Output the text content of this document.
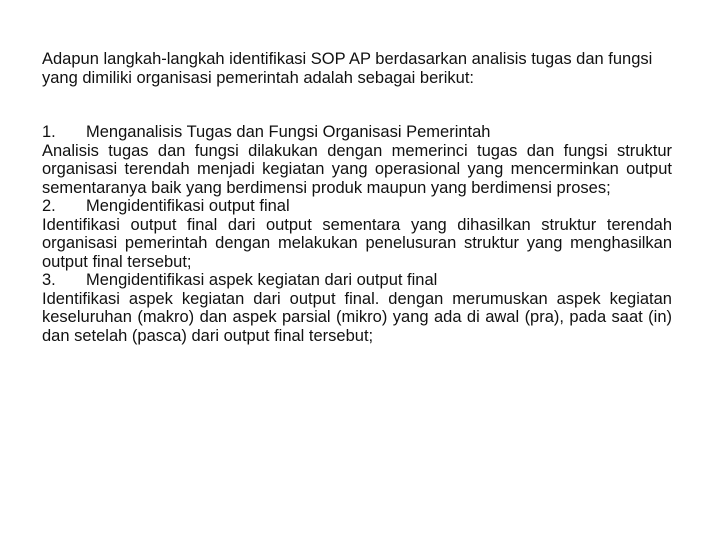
Adapun langkah-langkah identifikasi SOP AP berdasarkan analisis tugas dan fungsi yang dimiliki organisasi pemerintah adalah sebagai berikut:

1. Menganalisis Tugas dan Fungsi Organisasi Pemerintah

Analisis tugas dan fungsi dilakukan dengan memerinci tugas dan fungsi struktur organisasi terendah menjadi kegiatan yang operasional yang mencerminkan output sementaranya baik yang berdimensi produk maupun yang berdimensi proses;

2. Mengidentifikasi output final

Identifikasi output final dari output sementara yang dihasilkan struktur terendah organisasi pemerintah dengan melakukan penelusuran struktur yang menghasilkan output final tersebut;

3. Mengidentifikasi aspek kegiatan dari output final

Identifikasi aspek kegiatan dari output final. dengan merumuskan aspek kegiatan keseluruhan (makro) dan aspek parsial (mikro) yang ada di awal (pra), pada saat (in) dan setelah (pasca) dari output final tersebut;
